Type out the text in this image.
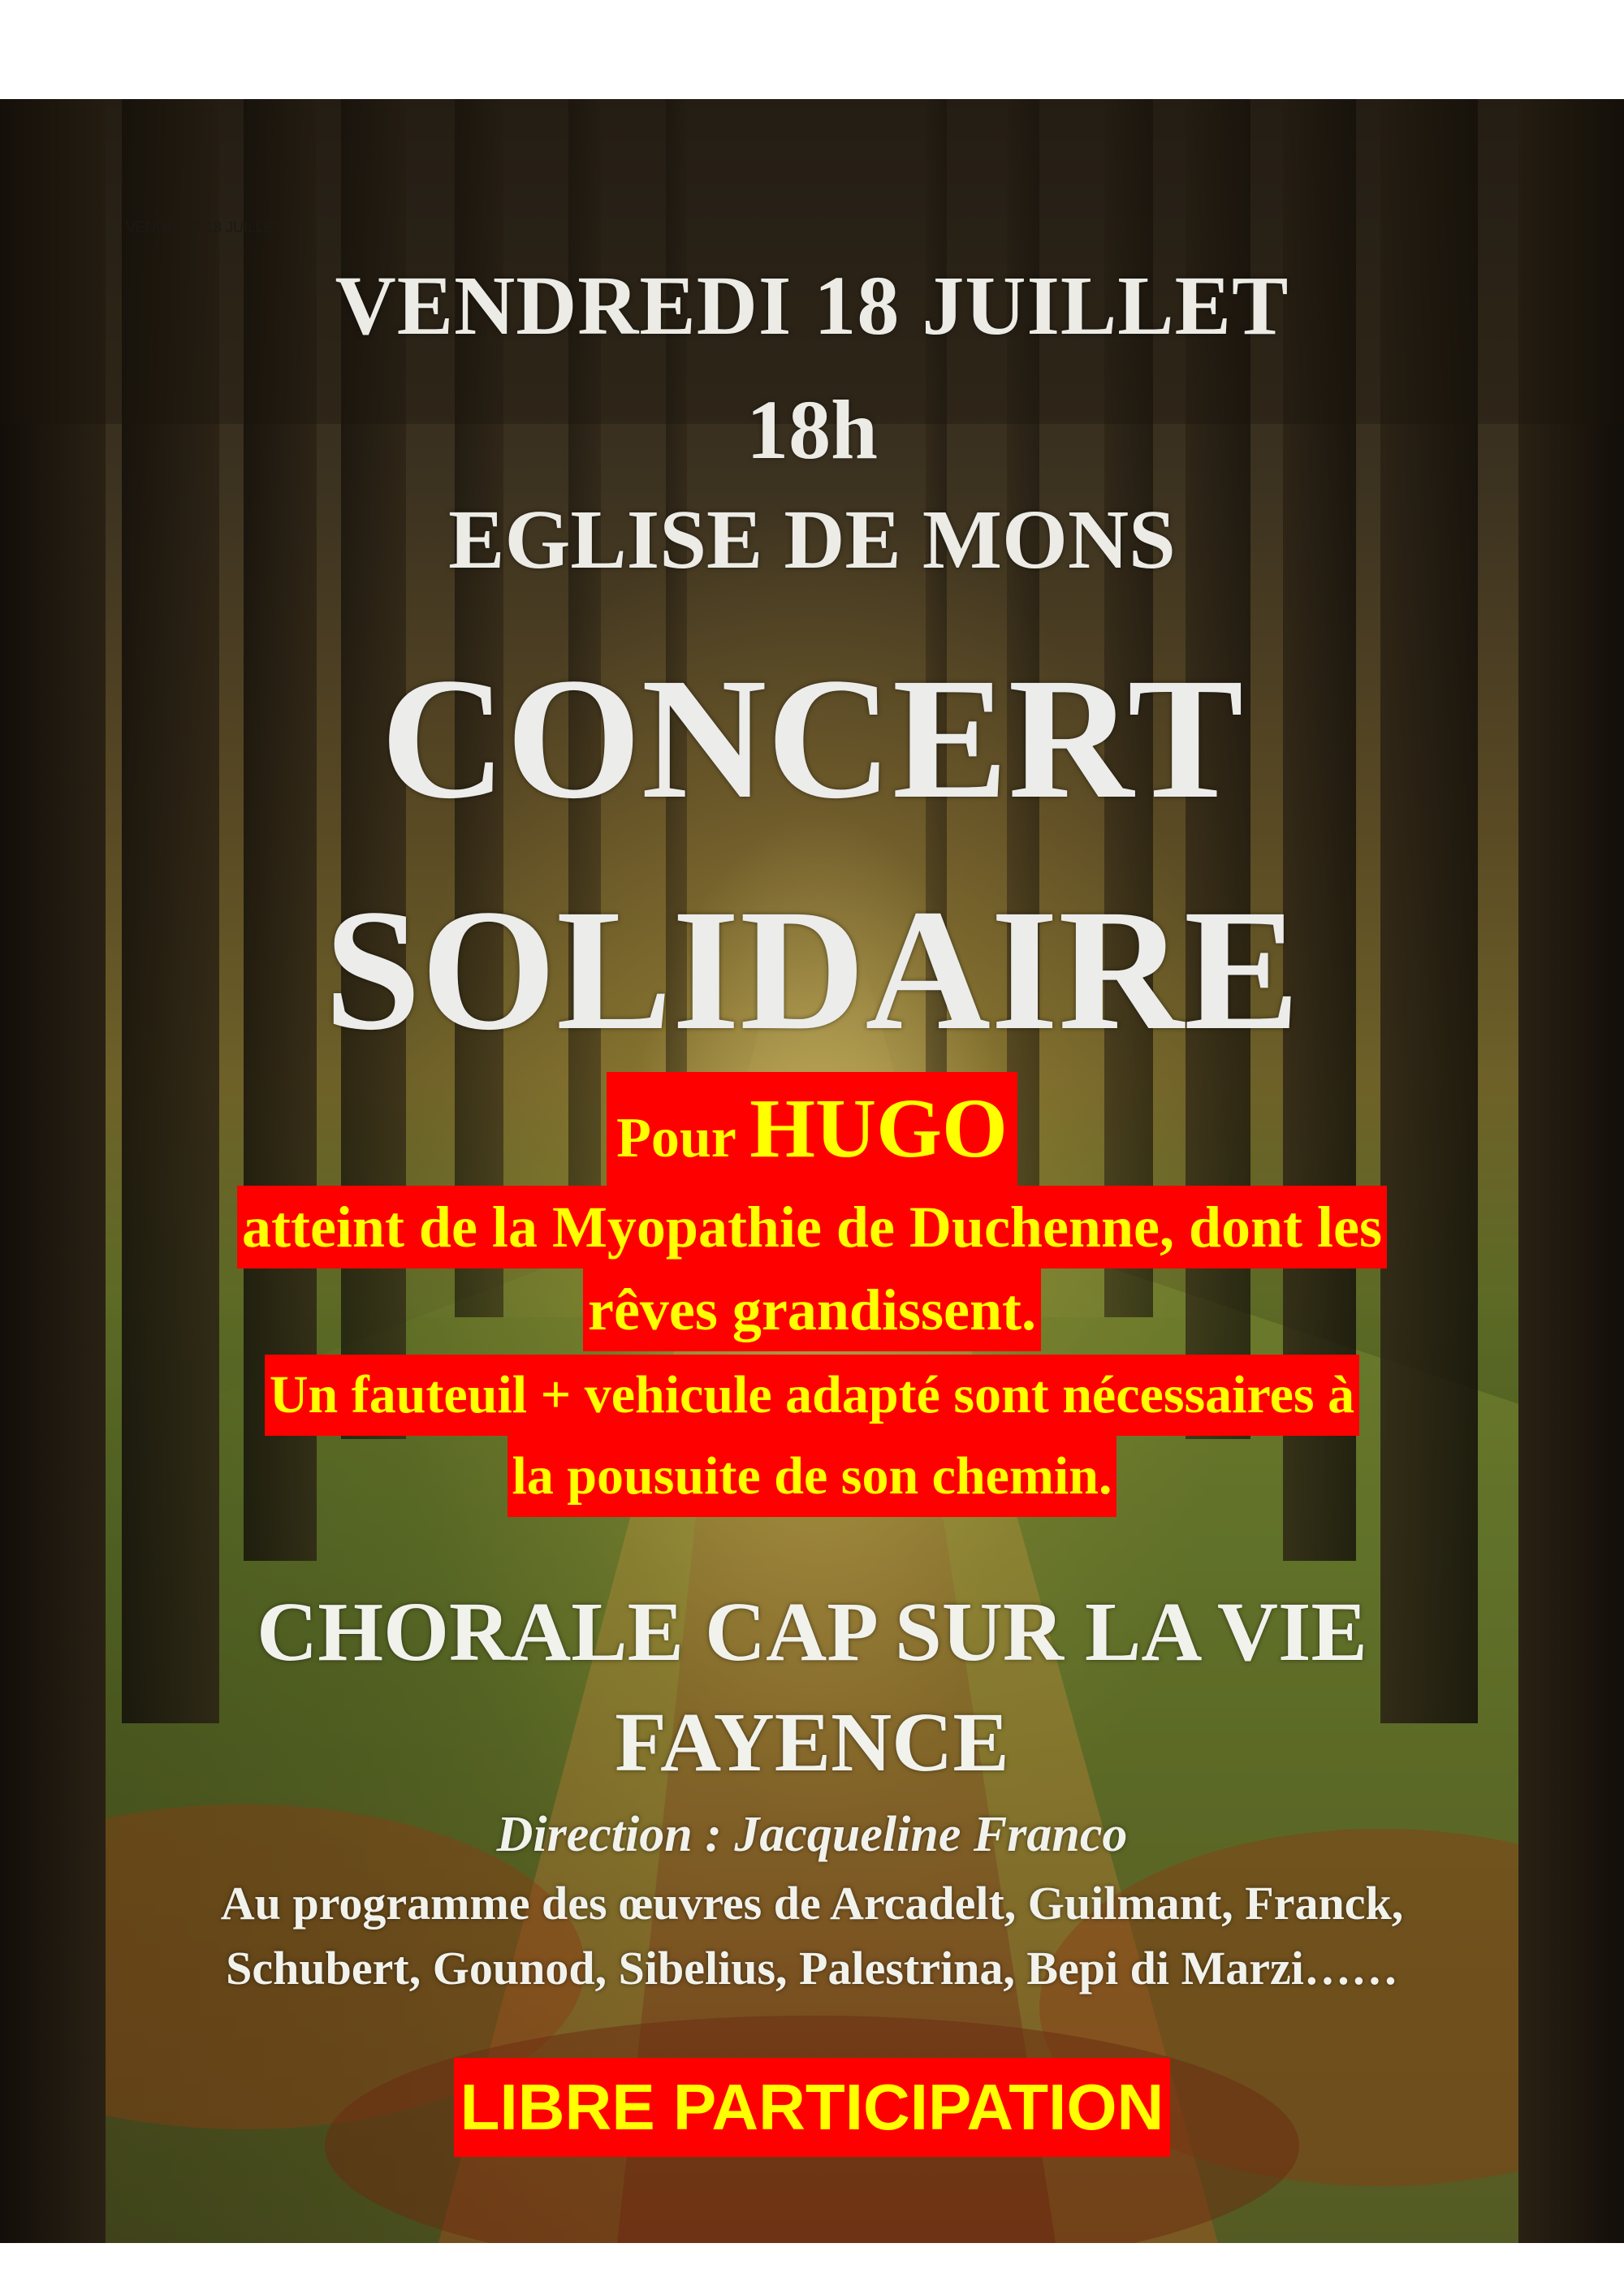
VENDREDI 18 JUILLET
VENDREDI 18 JUILLET
18h
EGLISE DE MONS
CONCERT
SOLIDAIRE
Pour HUGO
atteint de la Myopathie de Duchenne, dont les
rêves grandissent.
Un fauteuil + vehicule adapté sont nécessaires à
la pousuite de son chemin.
CHORALE CAP SUR LA VIE
FAYENCE
Direction : Jacqueline Franco
Au programme des œuvres de Arcadelt, Guilmant, Franck,
Schubert, Gounod, Sibelius, Palestrina, Bepi di Marzi……
LIBRE PARTICIPATION
